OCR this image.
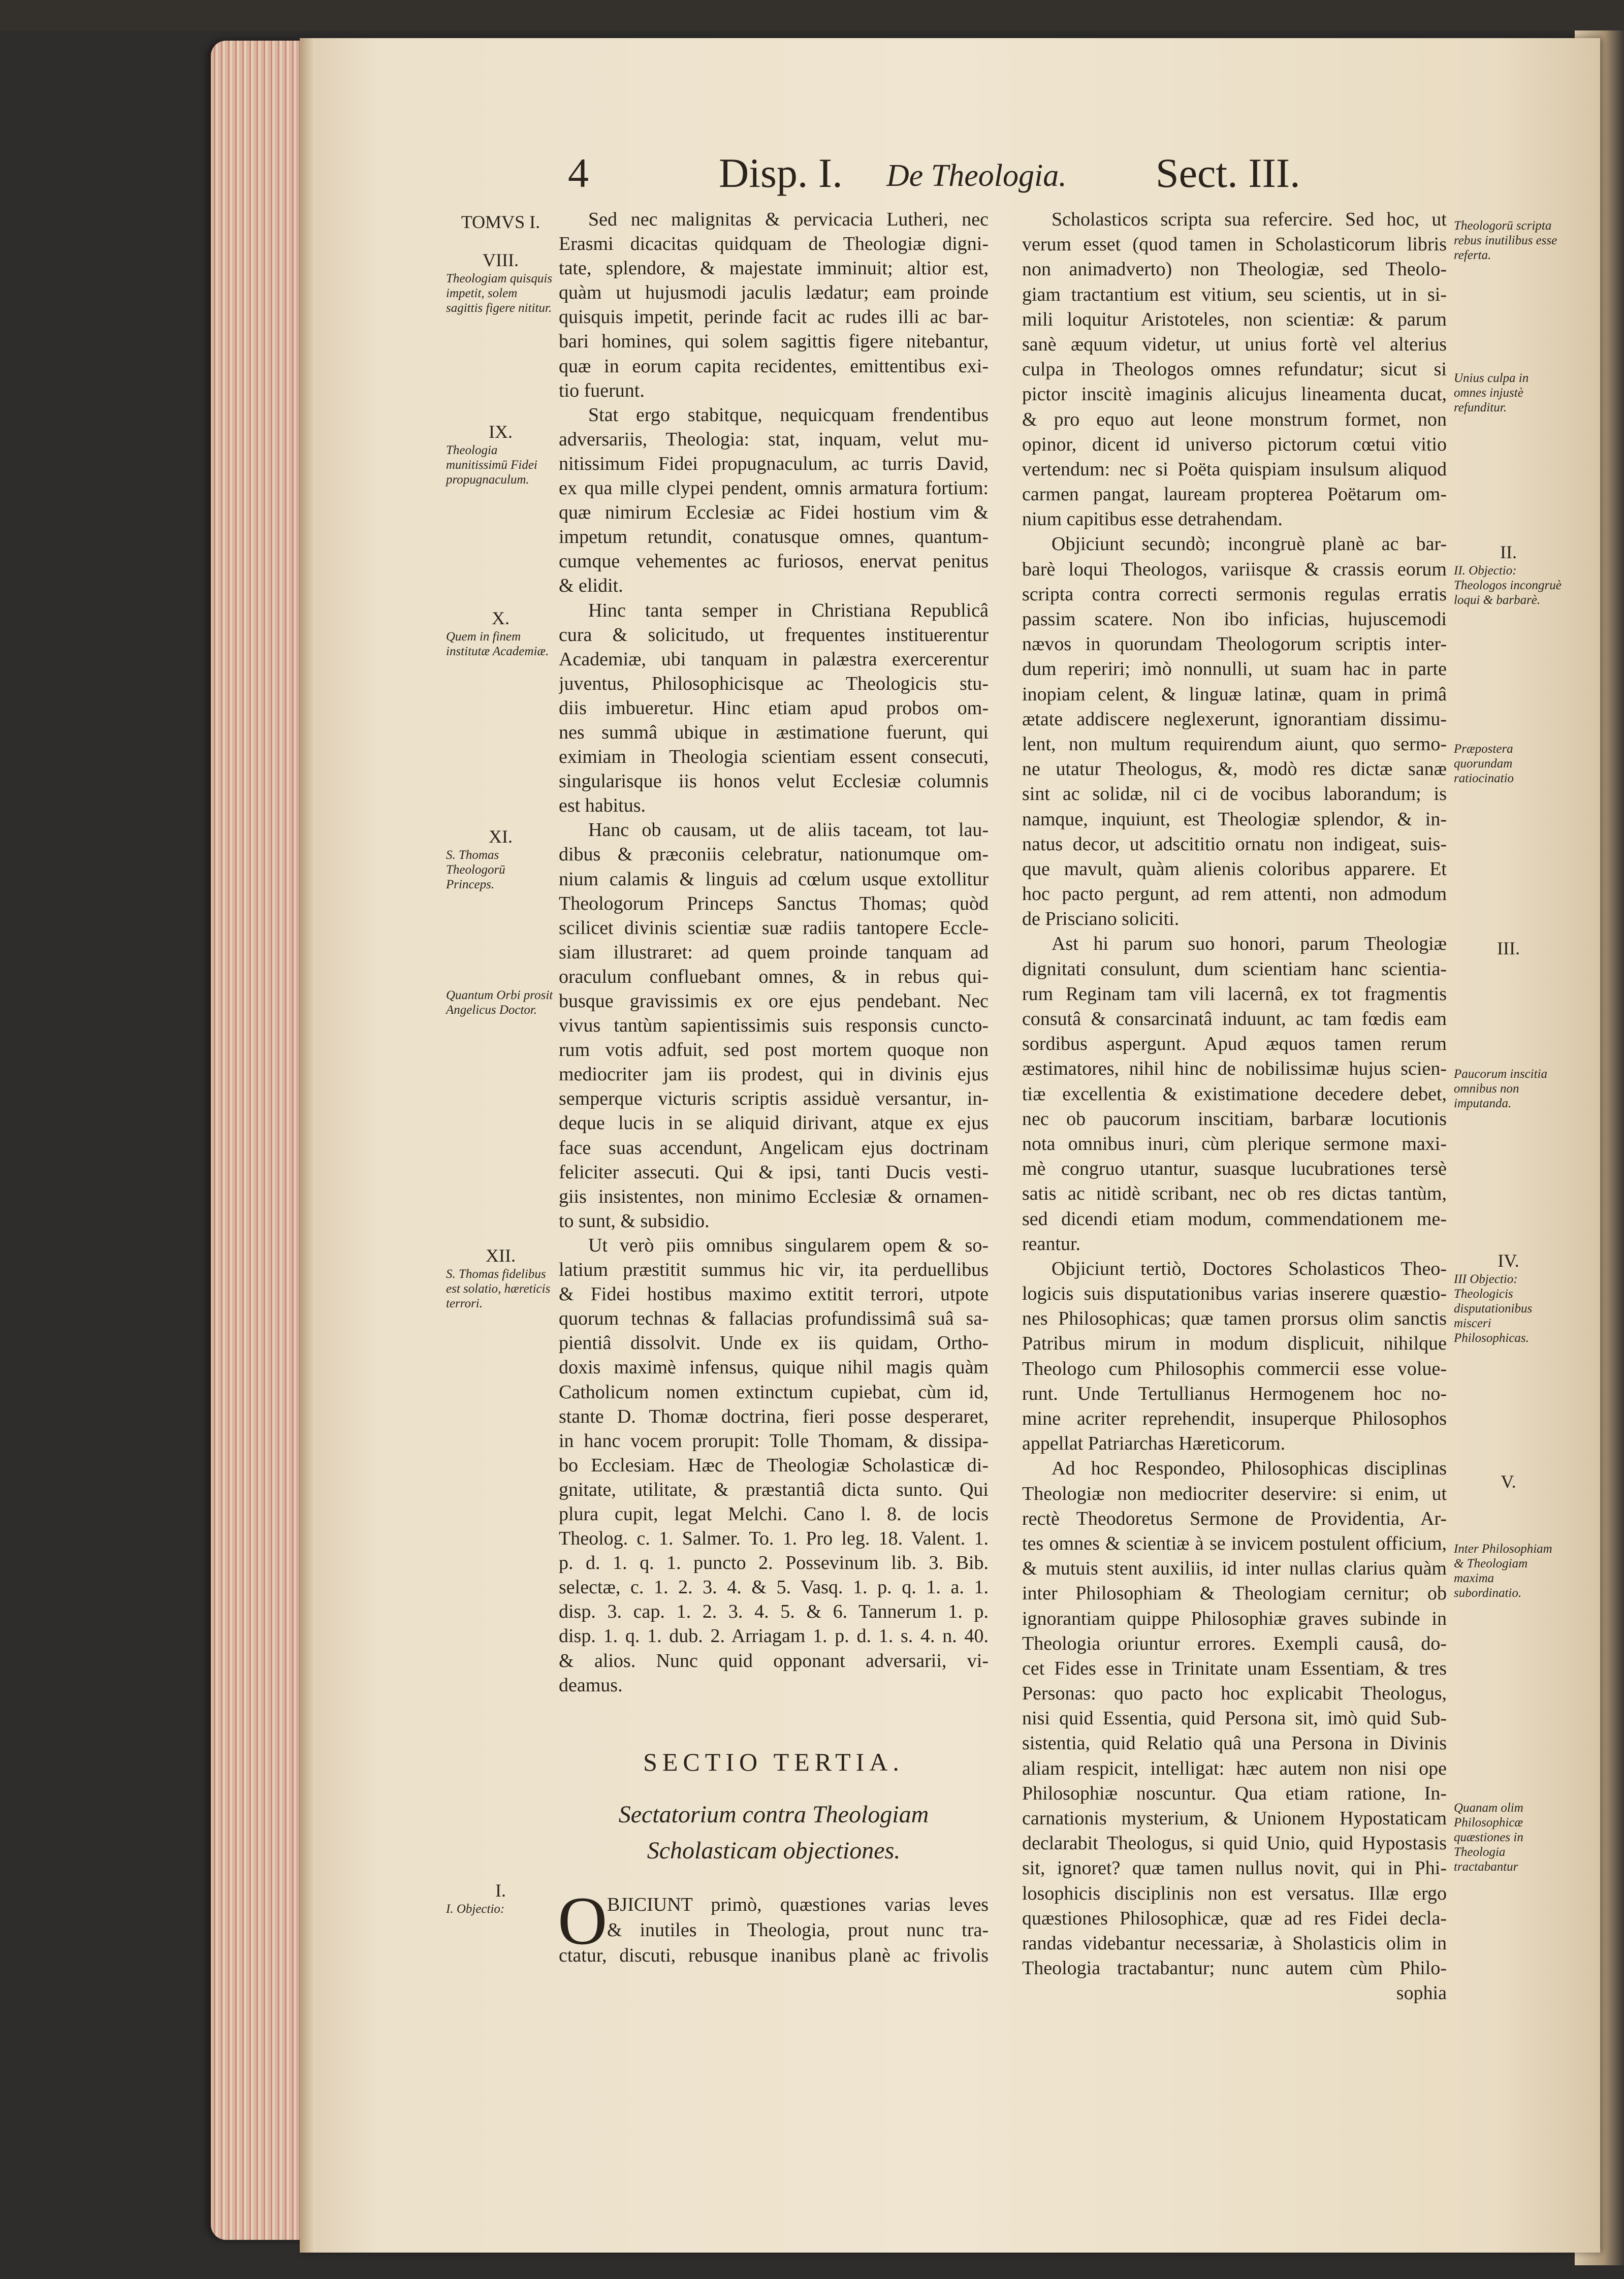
4	Disp. I. De Theologia. Sect. III.
Sed nec malignitas & pervicacia Lutheri, nec
Erasmi dicacitas quidquam de Theologiæ digni-
tate, splendore, & majestate imminuit; altior est,
quàm ut hujusmodi jaculis lædatur; eam proinde
quisquis impetit, perinde facit ac rudes illi ac bar-
bari homines, qui solem sagittis figere nitebantur,
quæ in eorum capita recidentes, emittentibus exi-
tio fuerunt.
Stat ergo stabitque, nequicquam frendentibus
adversariis, Theologia: stat, inquam, velut mu-
nitissimum Fidei propugnaculum, ac turris David,
ex qua mille clypei pendent, omnis armatura fortium:
quæ nimirum Ecclesiæ ac Fidei hostium vim &
impetum retundit, conatusque omnes, quantum-
cumque vehementes ac furiosos, enervat penitus
& elidit.
Hinc tanta semper in Christiana Republicâ
cura & solicitudo, ut frequentes instituerentur
Academiæ, ubi tanquam in palæstra exercerentur
juventus, Philosophicisque ac Theologicis stu-
diis imbueretur. Hinc etiam apud probos om-
nes summâ ubique in æstimatione fuerunt, qui
eximiam in Theologia scientiam essent consecuti,
singularisque iis honos velut Ecclesiæ columnis
est habitus.
Hanc ob causam, ut de aliis taceam, tot lau-
dibus & præconiis celebratur, nationumque om-
nium calamis & linguis ad cœlum usque extollitur
Theologorum Princeps Sanctus Thomas; quòd
scilicet divinis scientiæ suæ radiis tantopere Eccle-
siam illustraret: ad quem proinde tanquam ad
oraculum confluebant omnes, & in rebus qui-
busque gravissimis ex ore ejus pendebant. Nec
vivus tantùm sapientissimis suis responsis cuncto-
rum votis adfuit, sed post mortem quoque non
mediocriter jam iis prodest, qui in divinis ejus
semperque victuris scriptis assiduè versantur, in-
deque lucis in se aliquid dirivant, atque ex ejus
face suas accendunt, Angelicam ejus doctrinam
feliciter assecuti. Qui & ipsi, tanti Ducis vesti-
giis insistentes, non minimo Ecclesiæ & ornamen-
to sunt, & subsidio.
Ut verò piis omnibus singularem opem & so-
latium præstitit summus hic vir, ita perduellibus
& Fidei hostibus maximo extitit terrori, utpote
quorum technas & fallacias profundissimâ suâ sa-
pientiâ dissolvit. Unde ex iis quidam, Ortho-
doxis maximè infensus, quique nihil magis quàm
Catholicum nomen extinctum cupiebat, cùm id,
stante D. Thomæ doctrina, fieri posse desperaret,
in hanc vocem prorupit: Tolle Thomam, & dissipa-
bo Ecclesiam. Hæc de Theologiæ Scholasticæ di-
gnitate, utilitate, & præstantiâ dicta sunto. Qui
plura cupit, legat Melchi. Cano l. 8. de locis
Theolog. c. 1. Salmer. To. 1. Pro leg. 18. Valent. 1.
p. d. 1. q. 1. puncto 2. Possevinum lib. 3. Bib.
selectæ, c. 1. 2. 3. 4. & 5. Vasq. 1. p. q. 1. a. 1.
disp. 3. cap. 1. 2. 3. 4. 5. & 6. Tannerum 1. p.
disp. 1. q. 1. dub. 2. Arriagam 1. p. d. 1. s. 4. n. 40.
& alios. Nunc quid opponant adversarii, vi-
deamus.
Scholasticos scripta sua refercire. Sed hoc, ut
verum esset (quod tamen in Scholasticorum libris
non animadverto) non Theologiæ, sed Theolo-
giam tractantium est vitium, seu scientis, ut in si-
mili loquitur Aristoteles, non scientiæ: & parum
sanè æquum videtur, ut unius fortè vel alterius
culpa in Theologos omnes refundatur; sicut si
pictor inscitè imaginis alicujus lineamenta ducat,
& pro equo aut leone monstrum formet, non
opinor, dicent id universo pictorum cœtui vitio
vertendum: nec si Poëta quispiam insulsum aliquod
carmen pangat, lauream propterea Poëtarum om-
nium capitibus esse detrahendam.
Objiciunt secundò; incongruè planè ac bar-
barè loqui Theologos, variisque & crassis eorum
scripta contra correcti sermonis regulas erratis
passim scatere. Non ibo inficias, hujuscemodi
nævos in quorundam Theologorum scriptis inter-
dum reperiri; imò nonnulli, ut suam hac in parte
inopiam celent, & linguæ latinæ, quam in primâ
ætate addiscere neglexerunt, ignorantiam dissimu-
lent, non multum requirendum aiunt, quo sermo-
ne utatur Theologus, &, modò res dictæ sanæ
sint ac solidæ, nil ci de vocibus laborandum; is
namque, inquiunt, est Theologiæ splendor, & in-
natus decor, ut adscititio ornatu non indigeat, suis-
que mavult, quàm alienis coloribus apparere. Et
hoc pacto pergunt, ad rem attenti, non admodum
de Prisciano soliciti.
Ast hi parum suo honori, parum Theologiæ
dignitati consulunt, dum scientiam hanc scientia-
rum Reginam tam vili lacernâ, ex tot fragmentis
consutâ & consarcinatâ induunt, ac tam fœdis eam
sordibus aspergunt. Apud æquos tamen rerum
æstimatores, nihil hinc de nobilissimæ hujus scien-
tiæ excellentia & existimatione decedere debet,
nec ob paucorum inscitiam, barbaræ locutionis
nota omnibus inuri, cùm plerique sermone maxi-
mè congruo utantur, suasque lucubrationes tersè
satis ac nitidè scribant, nec ob res dictas tantùm,
sed dicendi etiam modum, commendationem me-
reantur.
Objiciunt tertiò, Doctores Scholasticos Theo-
logicis suis disputationibus varias inserere quæstio-
nes Philosophicas; quæ tamen prorsus olim sanctis
Patribus mirum in modum displicuit, nihilque
Theologo cum Philosophis commercii esse volue-
runt. Unde Tertullianus Hermogenem hoc no-
mine acriter reprehendit, insuperque Philosophos
appellat Patriarchas Hæreticorum.
Ad hoc Respondeo, Philosophicas disciplinas
Theologiæ non mediocriter deservire: si enim, ut
rectè Theodoretus Sermone de Providentia, Ar-
tes omnes & scientiæ à se invicem postulent officium,
& mutuis stent auxiliis, id inter nullas clarius quàm
inter Philosophiam & Theologiam cernitur; ob
ignorantiam quippe Philosophiæ graves subinde in
Theologia oriuntur errores. Exempli causâ, do-
cet Fides esse in Trinitate unam Essentiam, & tres
Personas: quo pacto hoc explicabit Theologus,
nisi quid Essentia, quid Persona sit, imò quid Sub-
sistentia, quid Relatio quâ una Persona in Divinis
aliam respicit, intelligat: hæc autem non nisi ope
Philosophiæ noscuntur. Qua etiam ratione, In-
carnationis mysterium, & Unionem Hypostaticam
declarabit Theologus, si quid Unio, quid Hypostasis
sit, ignoret? quæ tamen nullus novit, qui in Phi-
losophicis disciplinis non est versatus. Illæ ergo
quæstiones Philosophicæ, quæ ad res Fidei decla-
randas videbantur necessariæ, à Sholasticis olim in
Theologia tractabantur; nunc autem cùm Philo-
sophia
SECTIO TERTIA.
Sectatorium contra Theologiam
Scholasticam objectiones.
O BJICIUNT primò, quæstiones varias leves
& inutiles in Theologia, prout nunc tra-
ctatur, discuti, rebusque inanibus planè ac frivolis
TOMVS I.
VIII.
Theologiam quisquis impetit, solem sagittis figere nititur.
IX.
Theologia munitissimū Fidei propugnaculum.
X.
Quem in finem institutæ Academiæ.
XI.
S. Thomas Theologorū Princeps.
Quantum Orbi prosit Angelicus Doctor.
XII.
S. Thomas fidelibus est solatio, hæreticis terrori.
I.
I. Objectio:
Theologorū scripta rebus inutilibus esse referta.
Unius culpa in omnes injustè refunditur.
II.
II. Objectio: Theologos incongruè loqui & barbarè.
Præpostera quorundam ratiocinatio
III.
Paucorum inscitia omnibus non imputanda.
IV.
III Objectio: Theologicis disputationibus misceri Philosophicas.
V.
Inter Philosophiam & Theologiam maxima subordinatio.
Quanam olim Philosophicæ quæstiones in Theologia tractabantur
